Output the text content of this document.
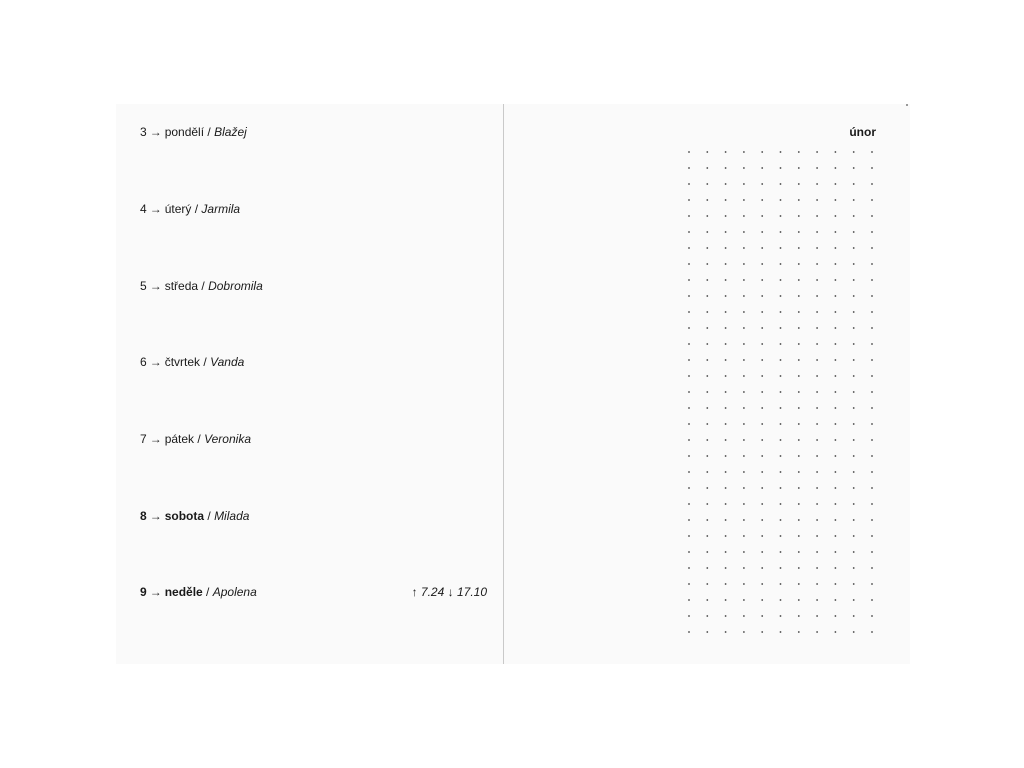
3 → pondělí / Blažej
4 → úterý / Jarmila
5 → středa / Dobromila
6 → čtvrtek / Vanda
7 → pátek / Veronika
8 → sobota / Milada
9 → neděle / Apolena	↑ 7.24 ↓ 17.10
únor
